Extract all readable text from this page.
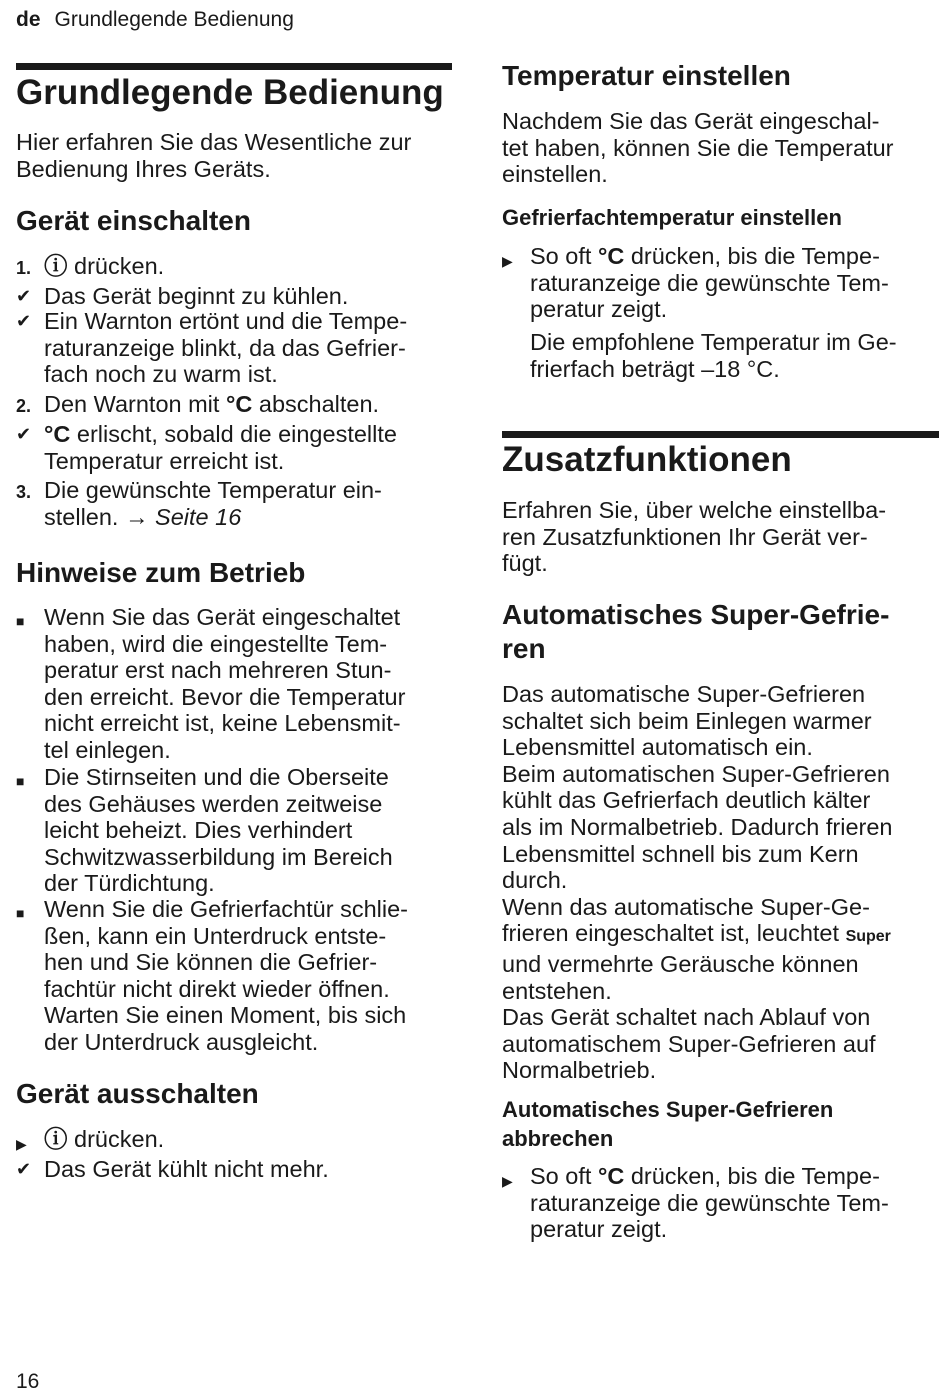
de Grundlegende Bedienung
Grundlegende Bedienung

Hier erfahren Sie das Wesentliche zur
Bedienung Ihres Geräts.

Gerät einschalten
1. ⓘ drücken.
✔ Das Gerät beginnt zu kühlen.
✔ Ein Warnton ertönt und die Tempe-
raturanzeige blinkt, da das Gefrier-
fach noch zu warm ist.
2. Den Warnton mit °C abschalten.
✔ °C erlischt, sobald die eingestellte
Temperatur erreicht ist.
3. Die gewünschte Temperatur ein-
stellen. → Seite 16
Hinweise zum Betrieb
■ Wenn Sie das Gerät eingeschaltet
haben, wird die eingestellte Tem-
peratur erst nach mehreren Stun-
den erreicht. Bevor die Temperatur
nicht erreicht ist, keine Lebensmit-
tel einlegen.
■ Die Stirnseiten und die Oberseite
des Gehäuses werden zeitweise
leicht beheizt. Dies verhindert
Schwitzwasserbildung im Bereich
der Türdichtung.
■ Wenn Sie die Gefrierfachtür schlie-
ßen, kann ein Unterdruck entste-
hen und Sie können die Gefrier-
fachtür nicht direkt wieder öffnen.
Warten Sie einen Moment, bis sich
der Unterdruck ausgleicht.
Gerät ausschalten
▶ ⓘ drücken.
✔ Das Gerät kühlt nicht mehr.
Temperatur einstellen

Nachdem Sie das Gerät eingeschal-
tet haben, können Sie die Temperatur
einstellen.

Gefrierfachtemperatur einstellen
▶ So oft °C drücken, bis die Tempe-
raturanzeige die gewünschte Tem-
peratur zeigt.

Die empfohlene Temperatur im Ge-
frierfach beträgt –18 °C.

Zusatzfunktionen

Erfahren Sie, über welche einstellba-
ren Zusatzfunktionen Ihr Gerät ver-
fügt.

Automatisches Super-Gefrie-
ren

Das automatische Super-Gefrieren
schaltet sich beim Einlegen warmer
Lebensmittel automatisch ein.
Beim automatischen Super-Gefrieren
kühlt das Gefrierfach deutlich kälter
als im Normalbetrieb. Dadurch frieren
Lebensmittel schnell bis zum Kern
durch.
Wenn das automatische Super-Ge-
frieren eingeschaltet ist, leuchtet Super
und vermehrte Geräusche können
entstehen.
Das Gerät schaltet nach Ablauf von
automatischem Super-Gefrieren auf
Normalbetrieb.

Automatisches Super-Gefrieren
abbrechen
▶ So oft °C drücken, bis die Tempe-
raturanzeige die gewünschte Tem-
peratur zeigt.
16
